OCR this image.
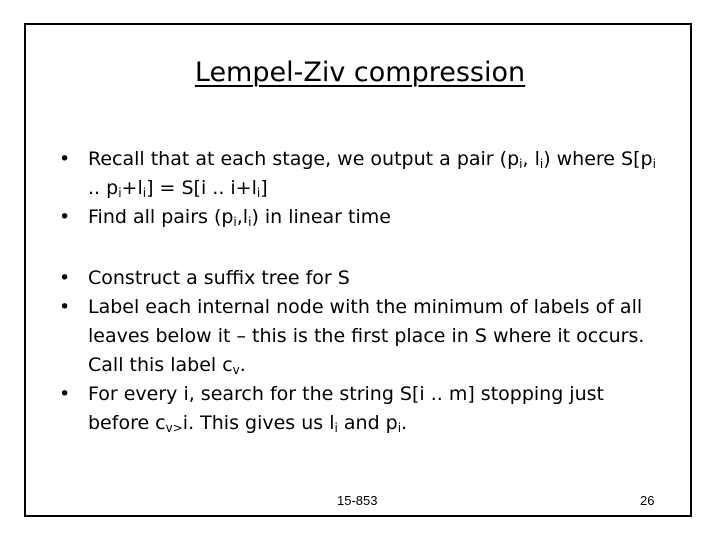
Lempel-Ziv compression

• Recall that at each stage, we output a pair ($p_i$, $l_i$) where $S[p_i$ .. $p_i+l_i] = S[i$ .. $i+l_i$]

• Find all pairs $(p_i,l_i)$ in linear time

• Construct a suffix tree for S

• Label each internal node with the minimum of labels of all leaves below it – this is the first place in S where it occurs. Call this label $c_v$.

• For every i, search for the string S[i .. m] stopping just before $c_{v>}i$. This gives us $l_i$ and $p_i$.

15-853	26
